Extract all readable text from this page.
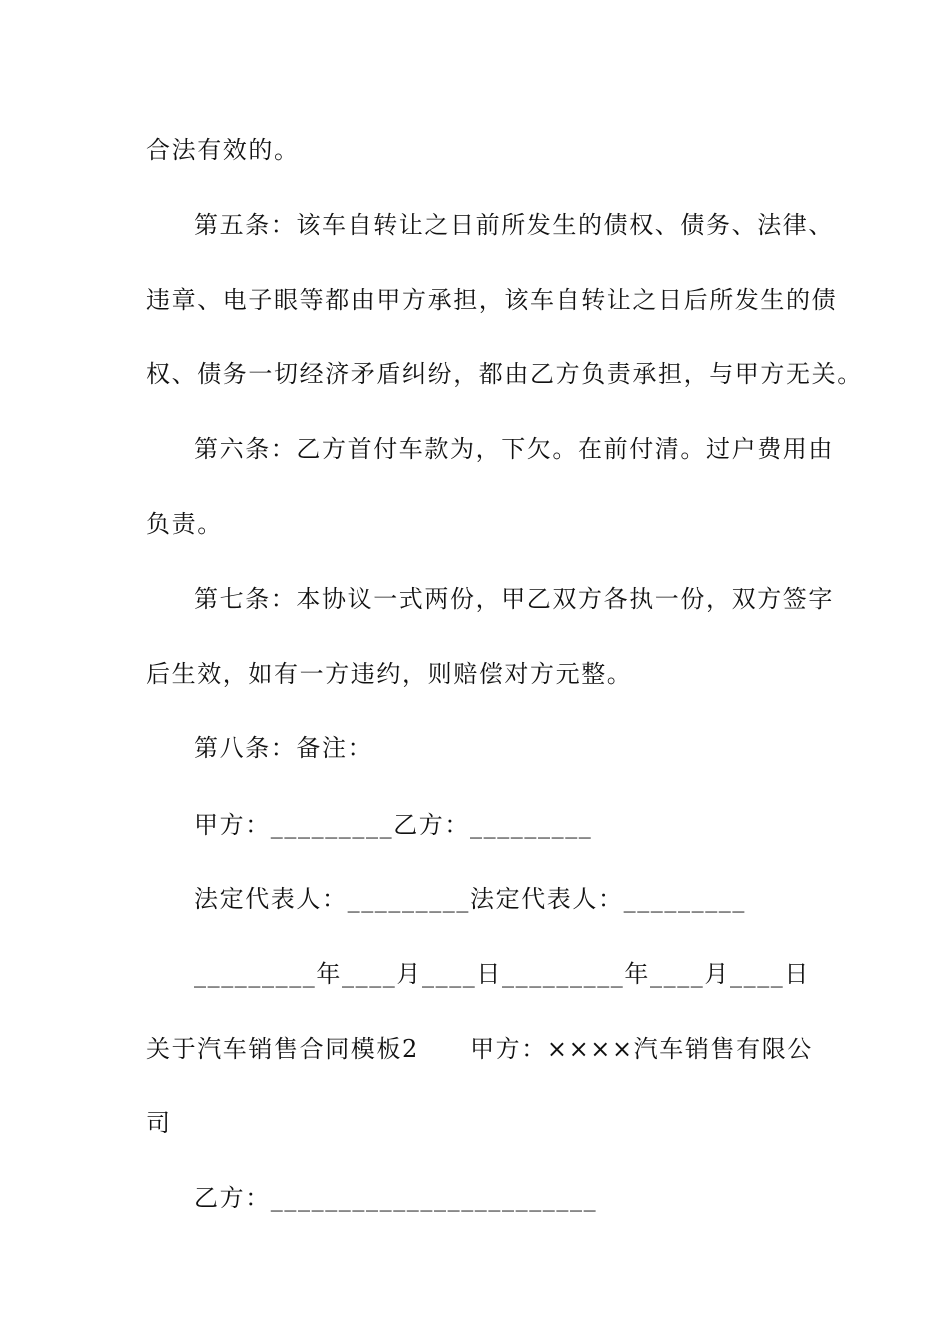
合法有效的。
第五条：该车自转让之日前所发生的债权、债务、法律、
违章、电子眼等都由甲方承担，该车自转让之日后所发生的债
权、债务一切经济矛盾纠纷，都由乙方负责承担，与甲方无关。
第六条：乙方首付车款为，下欠。在前付清。过户费用由
负责。
第七条：本协议一式两份，甲乙双方各执一份，双方签字
后生效，如有一方违约，则赔偿对方元整。
第八条：备注：
甲方：_________乙方：_________
法定代表人：_________法定代表人：_________
_________年____月____日_________年____月____日
关于汽车销售合同模板2　　甲方：××××汽车销售有限公
司
乙方：________________________
